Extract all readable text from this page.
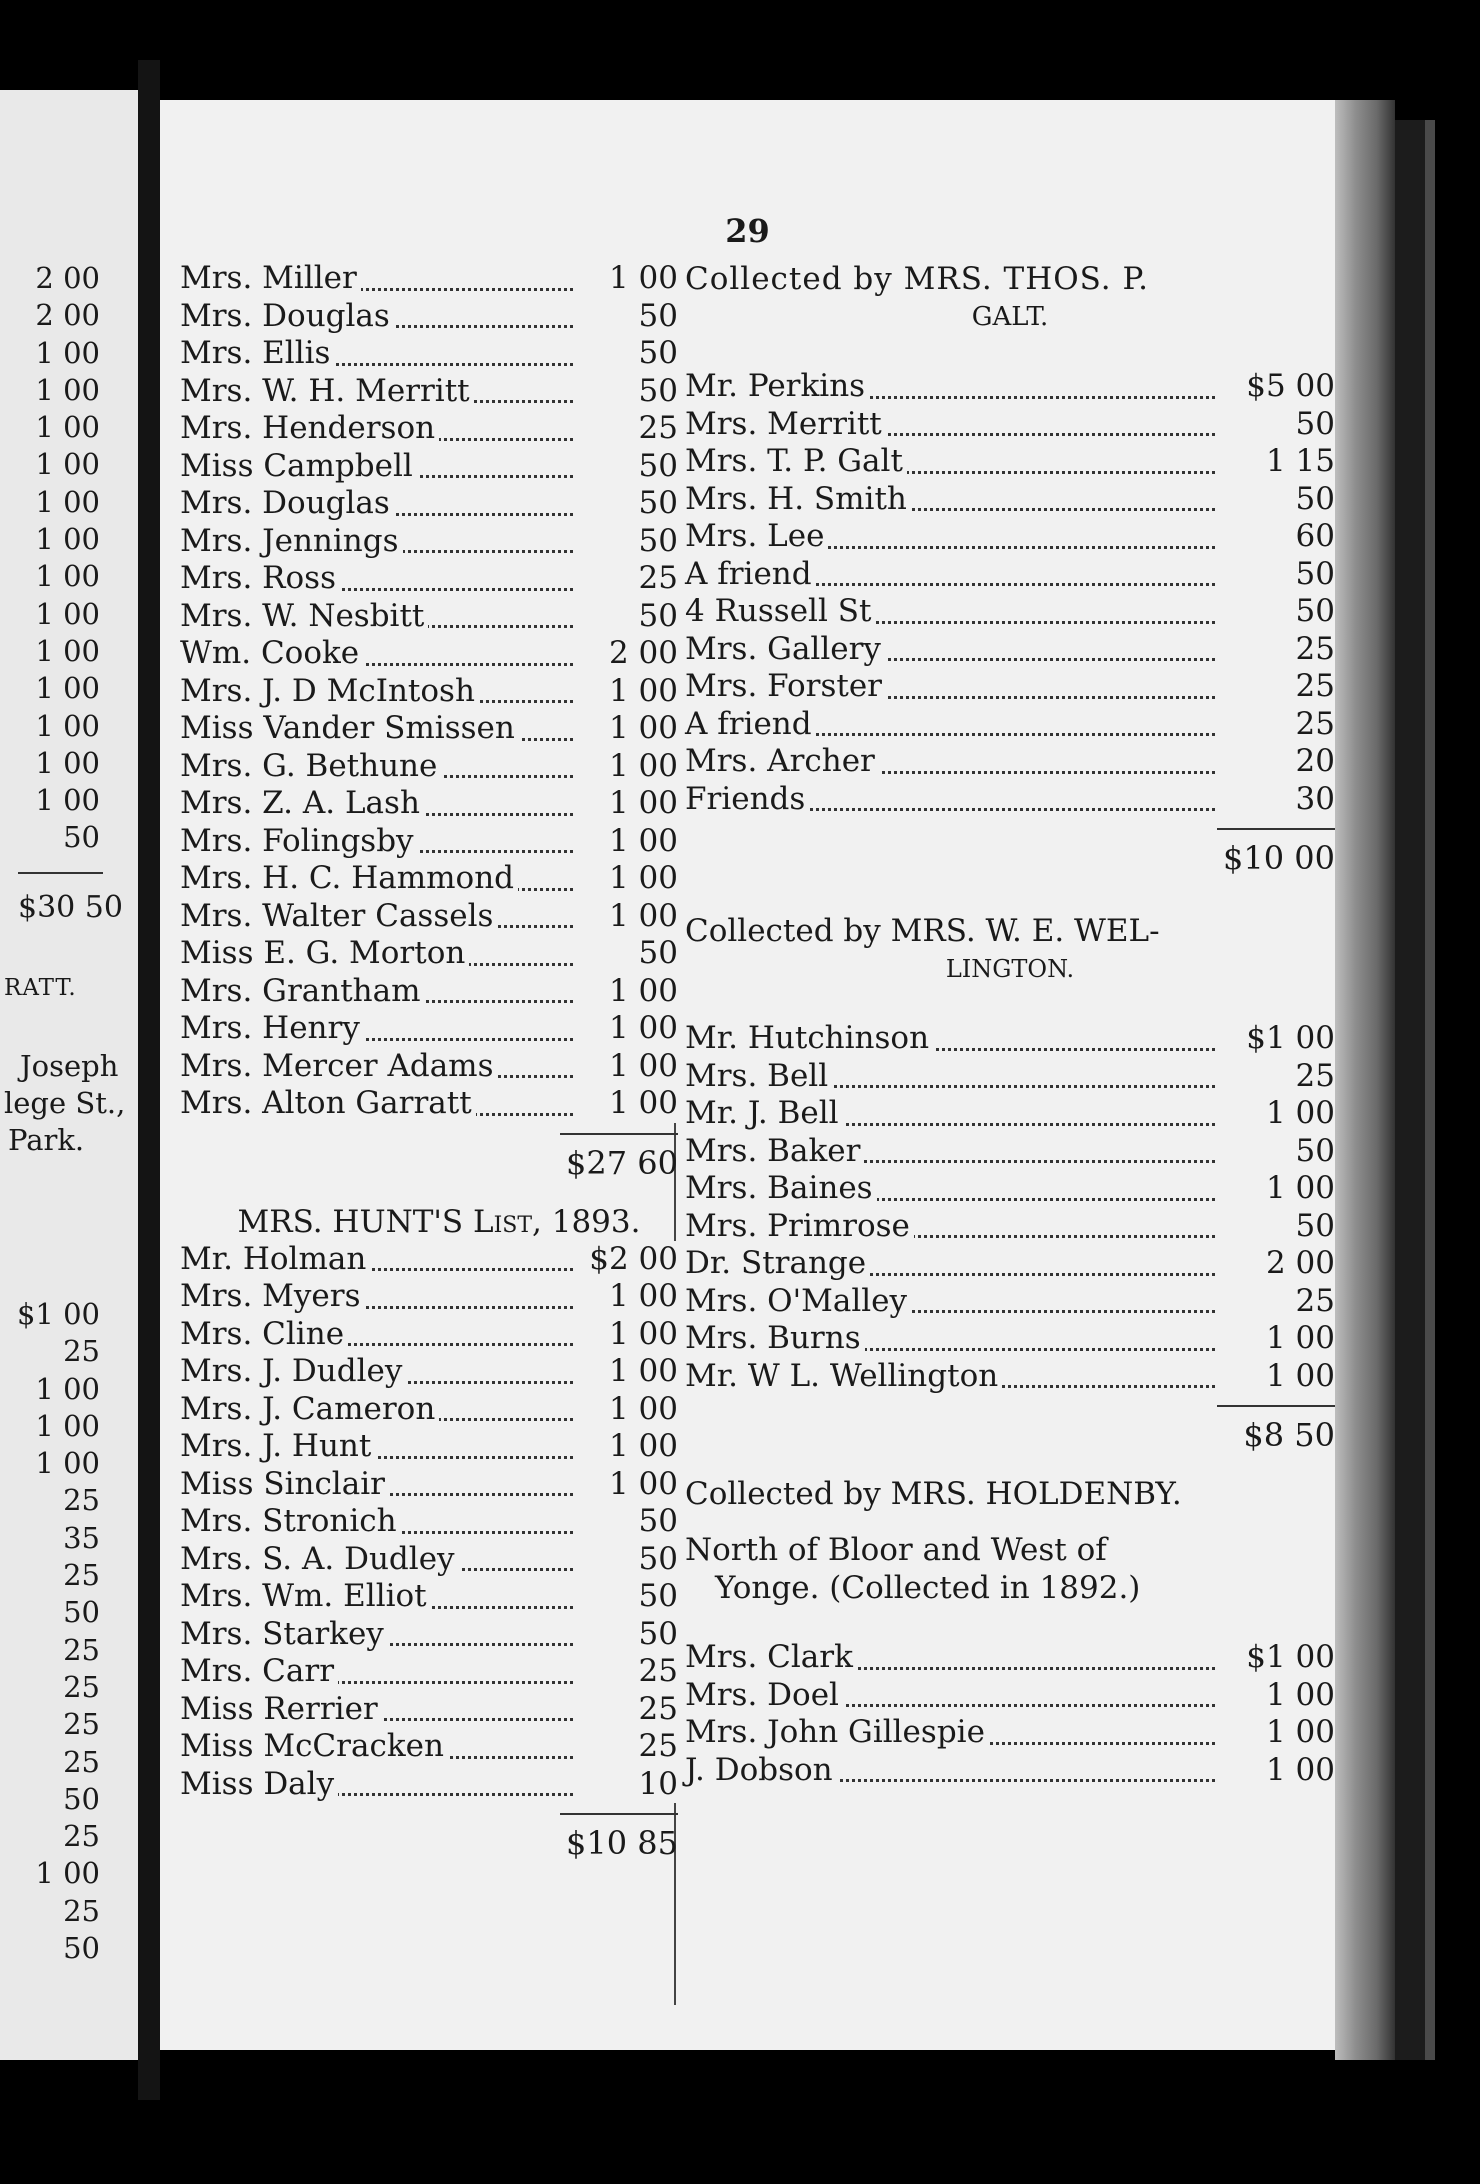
2 00
2 00
1 00
1 00
1 00
1 00
1 00
1 00
1 00
1 00
1 00
1 00
1 00
1 00
1 00
50
$30 50
RATT.
Joseph
lege St.,
Park.
$1 00
25
1 00
1 00
1 00
25
35
25
50
25
25
25
25
50
25
1 00
25
50
29
Mrs. Miller	1 00
Mrs. Douglas	50
Mrs. Ellis	50
Mrs. W. H. Merritt	50
Mrs. Henderson	25
Miss Campbell	50
Mrs. Douglas	50
Mrs. Jennings	50
Mrs. Ross	25
Mrs. W. Nesbitt	50
Wm. Cooke	2 00
Mrs. J. D McIntosh	1 00
Miss Vander Smissen	1 00
Mrs. G. Bethune	1 00
Mrs. Z. A. Lash	1 00
Mrs. Folingsby	1 00
Mrs. H. C. Hammond	1 00
Mrs. Walter Cassels	1 00
Miss E. G. Morton	50
Mrs. Grantham	1 00
Mrs. Henry	1 00
Mrs. Mercer Adams	1 00
Mrs. Alton Garratt	1 00
$27 60
MRS. HUNT'S List, 1893.
Mr. Holman	$2 00
Mrs. Myers	1 00
Mrs. Cline	1 00
Mrs. J. Dudley	1 00
Mrs. J. Cameron	1 00
Mrs. J. Hunt	1 00
Miss Sinclair	1 00
Mrs. Stronich	50
Mrs. S. A. Dudley	50
Mrs. Wm. Elliot	50
Mrs. Starkey	50
Mrs. Carr	25
Miss Rerrier	25
Miss McCracken	25
Miss Daly	10
$10 85
Collected by MRS. THOS. P.
GALT.
Mr. Perkins	$5 00
Mrs. Merritt	50
Mrs. T. P. Galt	1 15
Mrs. H. Smith	50
Mrs. Lee	60
A friend	50
4 Russell St	50
Mrs. Gallery	25
Mrs. Forster	25
A friend	25
Mrs. Archer	20
Friends	30
$10 00
Collected by MRS. W. E. WEL-
LINGTON.
Mr. Hutchinson	$1 00
Mrs. Bell	25
Mr. J. Bell	1 00
Mrs. Baker	50
Mrs. Baines	1 00
Mrs. Primrose	50
Dr. Strange	2 00
Mrs. O'Malley	25
Mrs. Burns	1 00
Mr. W L. Wellington	1 00
$8 50
Collected by MRS. HOLDENBY.
North of Bloor and West of
Yonge. (Collected in 1892.)
Mrs. Clark	$1 00
Mrs. Doel	1 00
Mrs. John Gillespie	1 00
J. Dobson	1 00
